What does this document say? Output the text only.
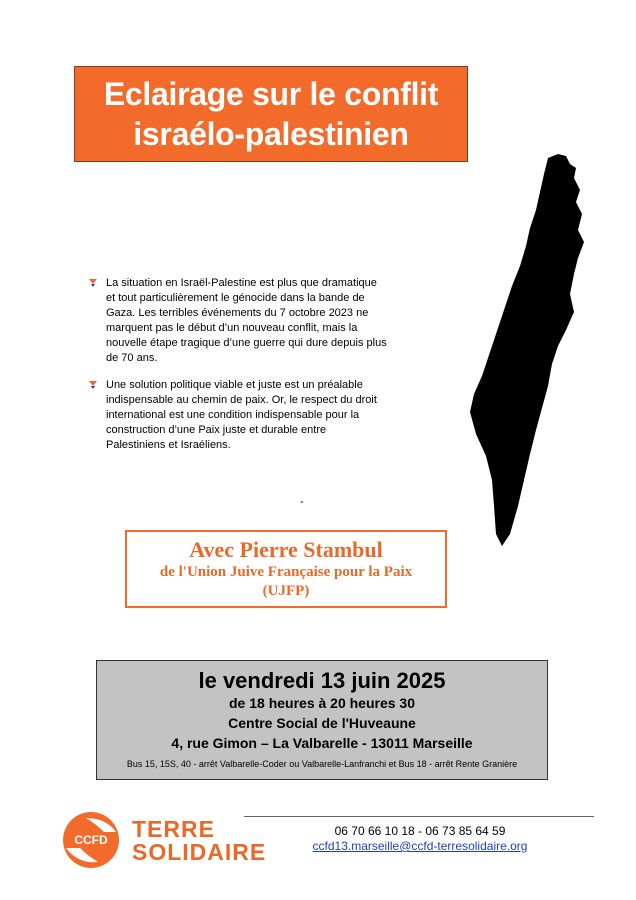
Eclairage sur le conflit
israélo-palestinien
La situation en Israël-Palestine est plus que dramatique et tout particulièrement le génocide dans la bande de Gaza. Les terribles événements du 7 octobre 2023 ne marquent pas le début d’un nouveau conflit, mais la nouvelle étape tragique d’une guerre qui dure depuis plus de 70 ans.
Une solution politique viable et juste est un préalable indispensable au chemin de paix. Or, le respect du droit international est une condition indispensable pour la construction d’une Paix juste et durable entre Palestiniens et Israéliens.
-
Avec Pierre Stambul
de l'Union Juive Française pour la Paix
(UJFP)
le vendredi 13 juin 2025
de 18 heures à 20 heures 30
Centre Social de l'Huveaune
4, rue Gimon – La Valbarelle - 13011 Marseille
Bus 15, 15S, 40 - arrêt Valbarelle-Coder ou Valbarelle-Lanfranchi et Bus 18 - arrêt Rente Granière
CCFD TERRE
SOLIDAIRE
06 70 66 10 18 - 06 73 85 64 59
ccfd13.marseille@ccfd-terresolidaire.org
